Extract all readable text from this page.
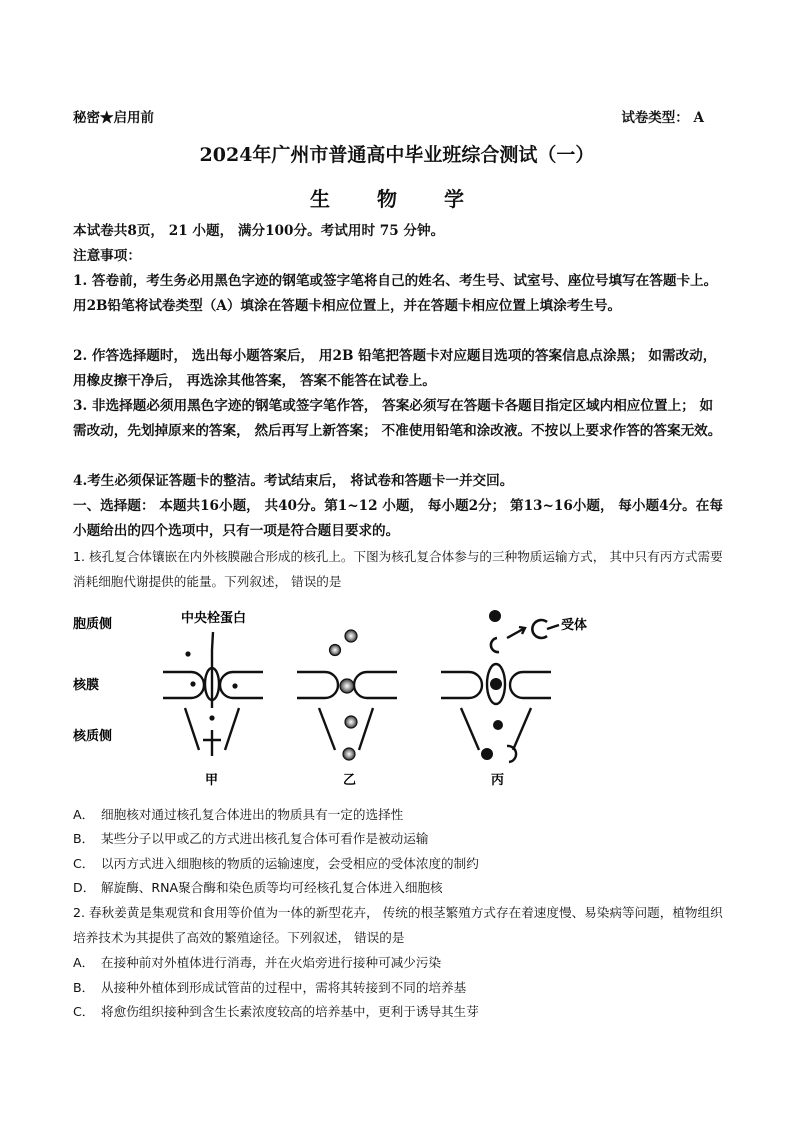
秘密★启用前	试卷类型： A
2024年广州市普通高中毕业班综合测试（一）
生 物 学
本试卷共8页， 21 小题， 满分100分。考试用时 75 分钟。
注意事项：
1. 答卷前，考生务必用黑色字迹的钢笔或签字笔将自己的姓名、考生号、试室号、座位号填写在答题卡上。用2B铅笔将试卷类型（A）填涂在答题卡相应位置上，并在答题卡相应位置上填涂考生号。
2. 作答选择题时， 选出每小题答案后， 用2B 铅笔把答题卡对应题目选项的答案信息点涂黑； 如需改动， 用橡皮擦干净后， 再选涂其他答案， 答案不能答在试卷上。
3. 非选择题必须用黑色字迹的钢笔或签字笔作答， 答案必须写在答题卡各题目指定区域内相应位置上； 如需改动，先划掉原来的答案， 然后再写上新答案； 不准使用铅笔和涂改液。不按以上要求作答的答案无效。
4.考生必须保证答题卡的整洁。考试结束后， 将试卷和答题卡一并交回。
一、选择题： 本题共16小题， 共40分。第1~12 小题， 每小题2分； 第13~16小题， 每小题4分。在每小题给出的四个选项中，只有一项是符合题目要求的。
1. 核孔复合体镶嵌在内外核膜融合形成的核孔上。下图为核孔复合体参与的三种物质运输方式， 其中只有丙方式需要消耗细胞代谢提供的能量。下列叙述， 错误的是
胞质侧
核膜
核质侧
中央栓蛋白	受体
甲	乙	丙
A． 细胞核对通过核孔复合体进出的物质具有一定的选择性
B． 某些分子以甲或乙的方式进出核孔复合体可看作是被动运输
C． 以丙方式进入细胞核的物质的运输速度，会受相应的受体浓度的制约
D． 解旋酶、RNA聚合酶和染色质等均可经核孔复合体进入细胞核
2. 春秋姜黄是集观赏和食用等价值为一体的新型花卉， 传统的根茎繁殖方式存在着速度慢、易染病等问题，植物组织培养技术为其提供了高效的繁殖途径。下列叙述， 错误的是
A． 在接种前对外植体进行消毒，并在火焰旁进行接种可减少污染
B． 从接种外植体到形成试管苗的过程中，需将其转接到不同的培养基
C． 将愈伤组织接种到含生长素浓度较高的培养基中，更利于诱导其生芽
